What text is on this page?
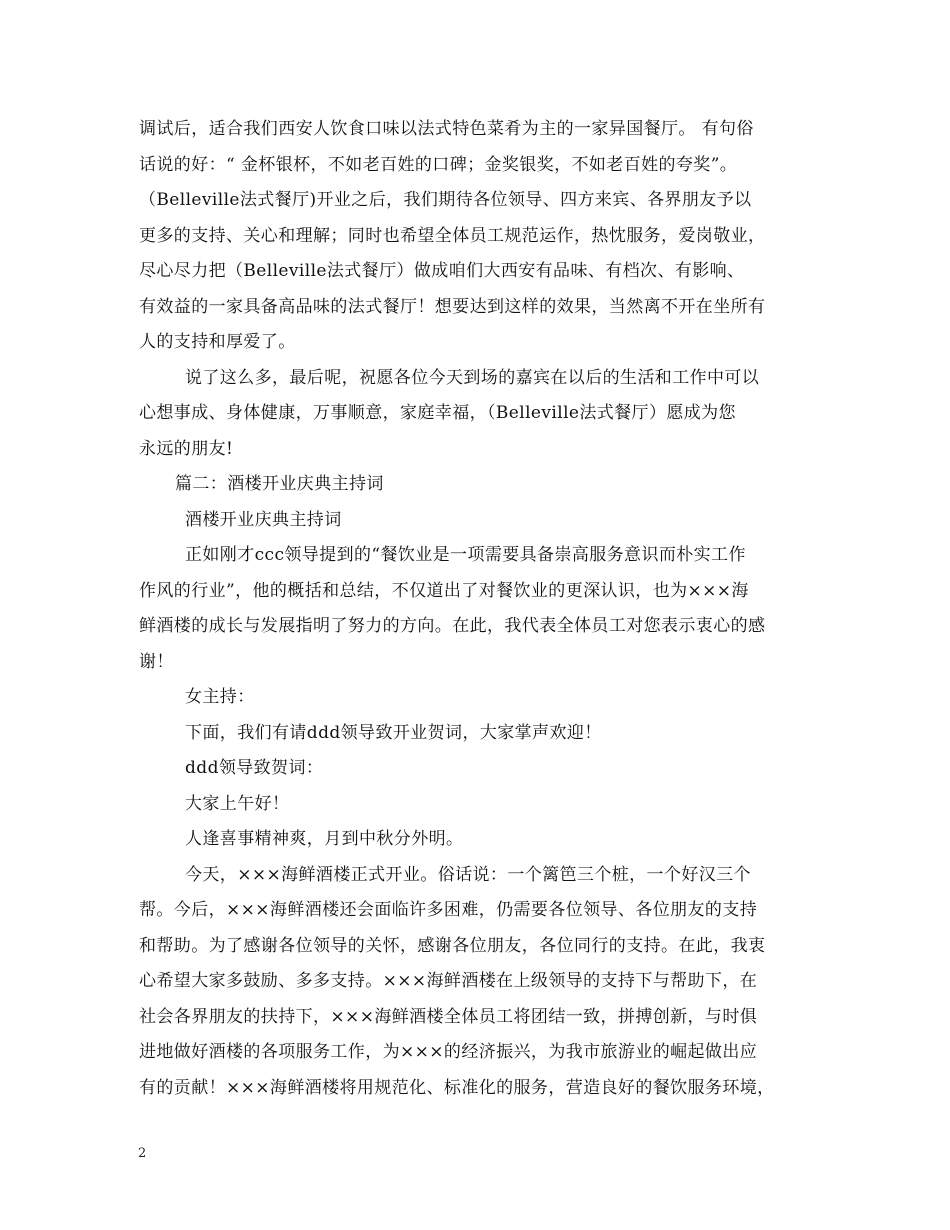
调试后，适合我们西安人饮食口味以法式特色菜肴为主的一家异国餐厅。 有句俗
话说的好：“ 金杯银杯，不如老百姓的口碑；金奖银奖，不如老百姓的夸奖”。
（Belleville法式餐厅)开业之后，我们期待各位领导、四方来宾、各界朋友予以
更多的支持、关心和理解；同时也希望全体员工规范运作，热忱服务，爱岗敬业，
尽心尽力把（Belleville法式餐厅）做成咱们大西安有品味、有档次、有影响、
有效益的一家具备高品味的法式餐厅！想要达到这样的效果，当然离不开在坐所有
人的支持和厚爱了。
说了这么多，最后呢，祝愿各位今天到场的嘉宾在以后的生活和工作中可以
心想事成、身体健康，万事顺意，家庭幸福，（Belleville法式餐厅）愿成为您
永远的朋友!
篇二：酒楼开业庆典主持词
酒楼开业庆典主持词
正如刚才ccc领导提到的“餐饮业是一项需要具备崇高服务意识而朴实工作
作风的行业”，他的概括和总结，不仅道出了对餐饮业的更深认识，也为×××海
鲜酒楼的成长与发展指明了努力的方向。在此，我代表全体员工对您表示衷心的感
谢！
女主持：
下面，我们有请ddd领导致开业贺词，大家掌声欢迎！
ddd领导致贺词：
大家上午好！
人逢喜事精神爽，月到中秋分外明。
今天，×××海鲜酒楼正式开业。俗话说：一个篱笆三个桩，一个好汉三个
帮。今后，×××海鲜酒楼还会面临许多困难，仍需要各位领导、各位朋友的支持
和帮助。为了感谢各位领导的关怀，感谢各位朋友，各位同行的支持。在此，我衷
心希望大家多鼓励、多多支持。×××海鲜酒楼在上级领导的支持下与帮助下，在
社会各界朋友的扶持下，×××海鲜酒楼全体员工将团结一致，拼搏创新，与时俱
进地做好酒楼的各项服务工作，为×××的经济振兴，为我市旅游业的崛起做出应
有的贡献！×××海鲜酒楼将用规范化、标准化的服务，营造良好的餐饮服务环境，
2
